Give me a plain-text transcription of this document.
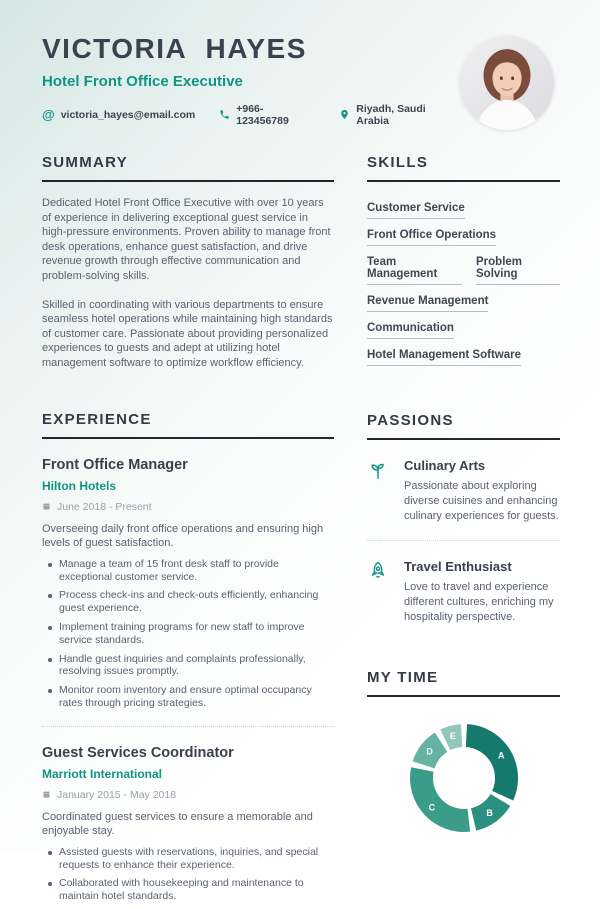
VICTORIA HAYES
Hotel Front Office Executive
@ victoria_hayes@email.com	+966-123456789
Riyadh, Saudi Arabia
SUMMARY

Dedicated Hotel Front Office Executive with over 10 years of experience in delivering exceptional guest service in high-pressure environments. Proven ability to manage front desk operations, enhance guest satisfaction, and drive revenue growth through effective communication and problem-solving skills.

Skilled in coordinating with various departments to ensure seamless hotel operations while maintaining high standards of customer care. Passionate about providing personalized experiences to guests and adept at utilizing hotel management software to optimize workflow efficiency.

EXPERIENCE
Front Office Manager
Hilton Hotels
June 2018 - Present
Overseeing daily front office operations and ensuring high levels of guest satisfaction.
Manage a team of 15 front desk staff to provide exceptional customer service.
Process check-ins and check-outs efficiently, enhancing guest experience.
Implement training programs for new staff to improve service standards.
Handle guest inquiries and complaints professionally, resolving issues promptly.
Monitor room inventory and ensure optimal occupancy rates through pricing strategies.
Guest Services Coordinator
Marriott International
January 2015 - May 2018
Coordinated guest services to ensure a memorable and enjoyable stay.
Assisted guests with reservations, inquiries, and special requests to enhance their experience.
Collaborated with housekeeping and maintenance to maintain hotel standards.
SKILLS
Customer Service
Front Office Operations
Team Management
Problem Solving
Revenue Management
Communication
Hotel Management Software
PASSIONS
Culinary Arts
Passionate about exploring diverse cuisines and enhancing culinary experiences for guests.
Travel Enthusiast
Love to travel and experience different cultures, enriching my hospitality perspective.
MY TIME
A
B
C
D
E
